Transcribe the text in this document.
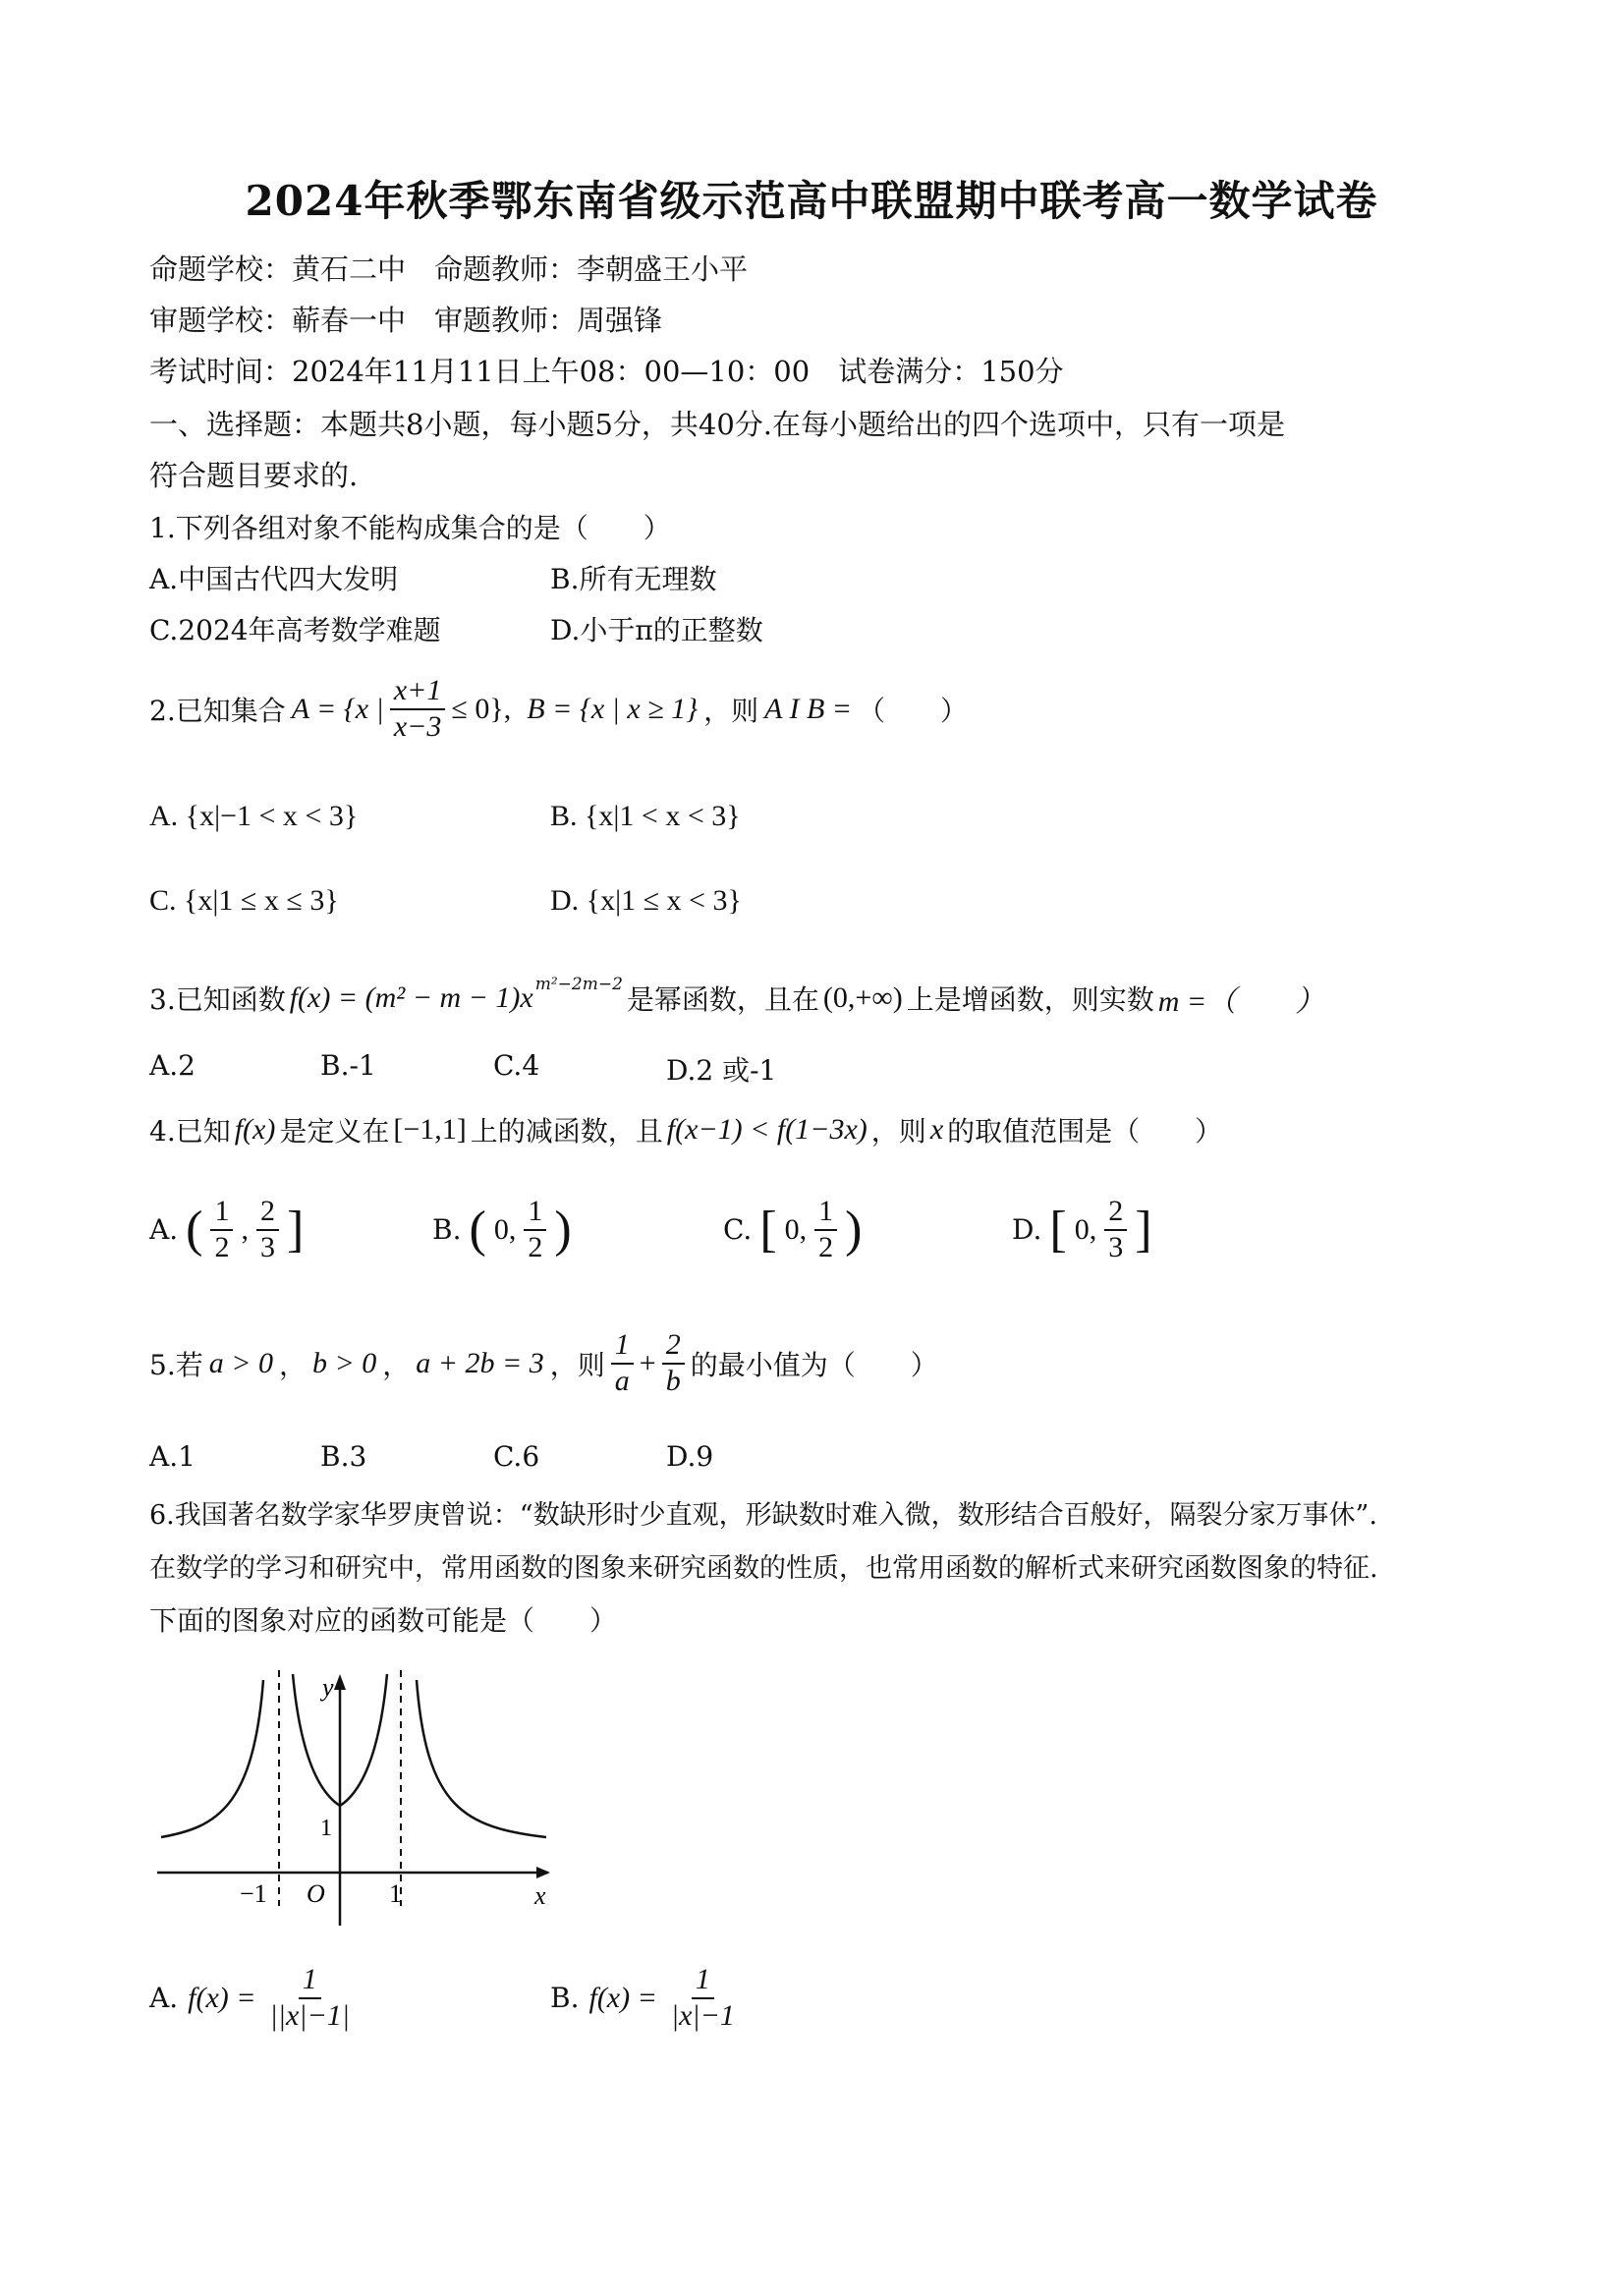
2024年秋季鄂东南省级示范高中联盟期中联考高一数学试卷
命题学校：黄石二中　命题教师：李朝盛王小平
审题学校：蕲春一中　审题教师：周强锋
考试时间：2024年11月11日上午08：00—10：00　试卷满分：150分
一、选择题：本题共8小题，每小题5分，共40分.在每小题给出的四个选项中，只有一项是
符合题目要求的.
1.下列各组对象不能构成集合的是（　　）
A.中国古代四大发明	B.所有无理数
C.2024年高考数学难题	D.小于π的正整数
2.已知集合 A = {x | $\frac{x+1}{x-3} \le 0$}, B = {x | x ≥ 1} ，则 A I B = （　　）
A. {x|−1 < x < 3}	B. {x|1 < x < 3}
C. {x|1 ≤ x ≤ 3}	D. {x|1 ≤ x < 3}
3.已知函数 f(x) = (m² − m − 1)x m²−2m−2 是幂函数，且在 (0,+∞) 上是增函数，则实数 m =（　　）
A.2	B.-1	C.4	D.2 或-1
4.已知 f(x) 是定义在 [−1,1] 上的减函数，且 f(x−1) < f(1−3x) ，则 x 的取值范围是（　　）
A. ( $\frac{1}{2}$ , $\frac{2}{3}$ ]	B. ( 0, $\frac{1}{2}$ )	C. [ 0, $\frac{1}{2}$ )	D. [ 0, $\frac{2}{3}$ ]
5.若 a > 0 ， b > 0 ， a + 2b = 3 ，则 $\frac{1}{a} + \frac{2}{b}$ 的最小值为（　　）
A.1	B.3	C.6	D.9
6.我国著名数学家华罗庚曾说：“数缺形时少直观，形缺数时难入微，数形结合百般好，隔裂分家万事休”.
在数学的学习和研究中，常用函数的图象来研究函数的性质，也常用函数的解析式来研究函数图象的特征.
下面的图象对应的函数可能是（　　）
y
x
O
−1	1
1
A. $f(x) = \frac{1}{||x|-1|}$	B. $f(x) = \frac{1}{|x|-1}$
